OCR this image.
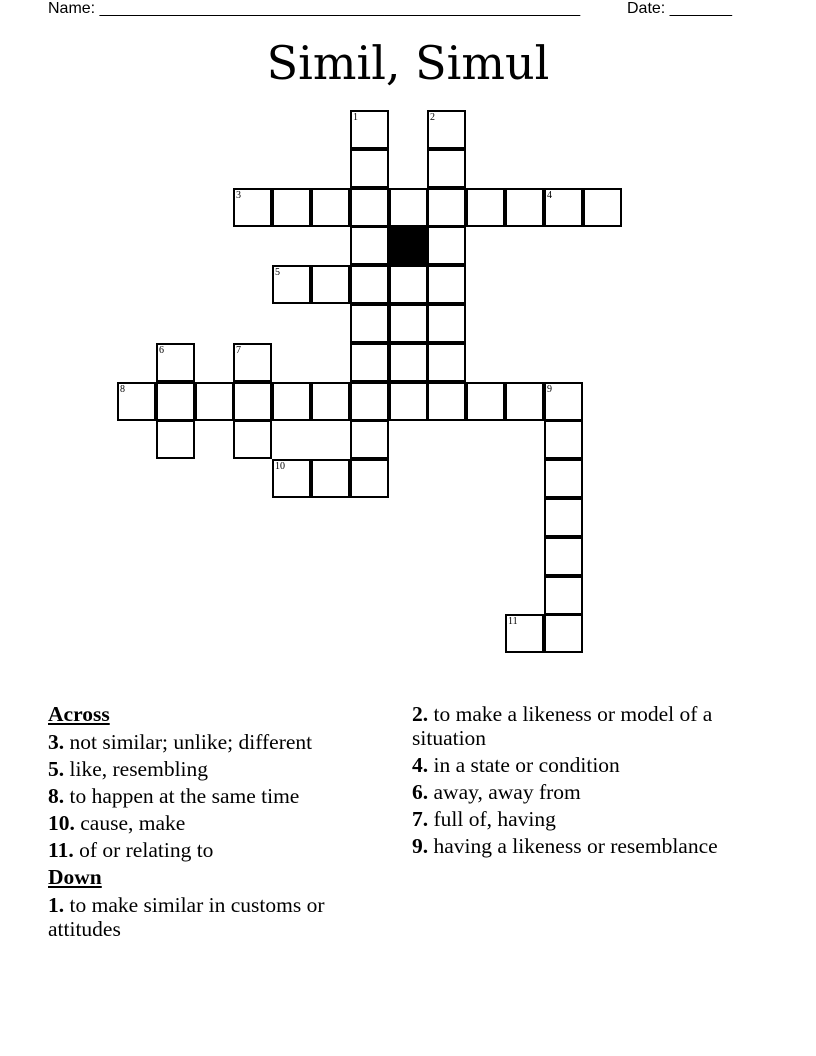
Name: ______________________________________________________	Date: _______
Simil, Simul
1	2
3	4
5
6	7
8	9
10
11
Across
3. not similar; unlike; different
5. like, resembling
8. to happen at the same time
10. cause, make
11. of or relating to
Down
1. to make similar in customs or attitudes
2. to make a likeness or model of a situation
4. in a state or condition
6. away, away from
7. full of, having
9. having a likeness or resemblance
